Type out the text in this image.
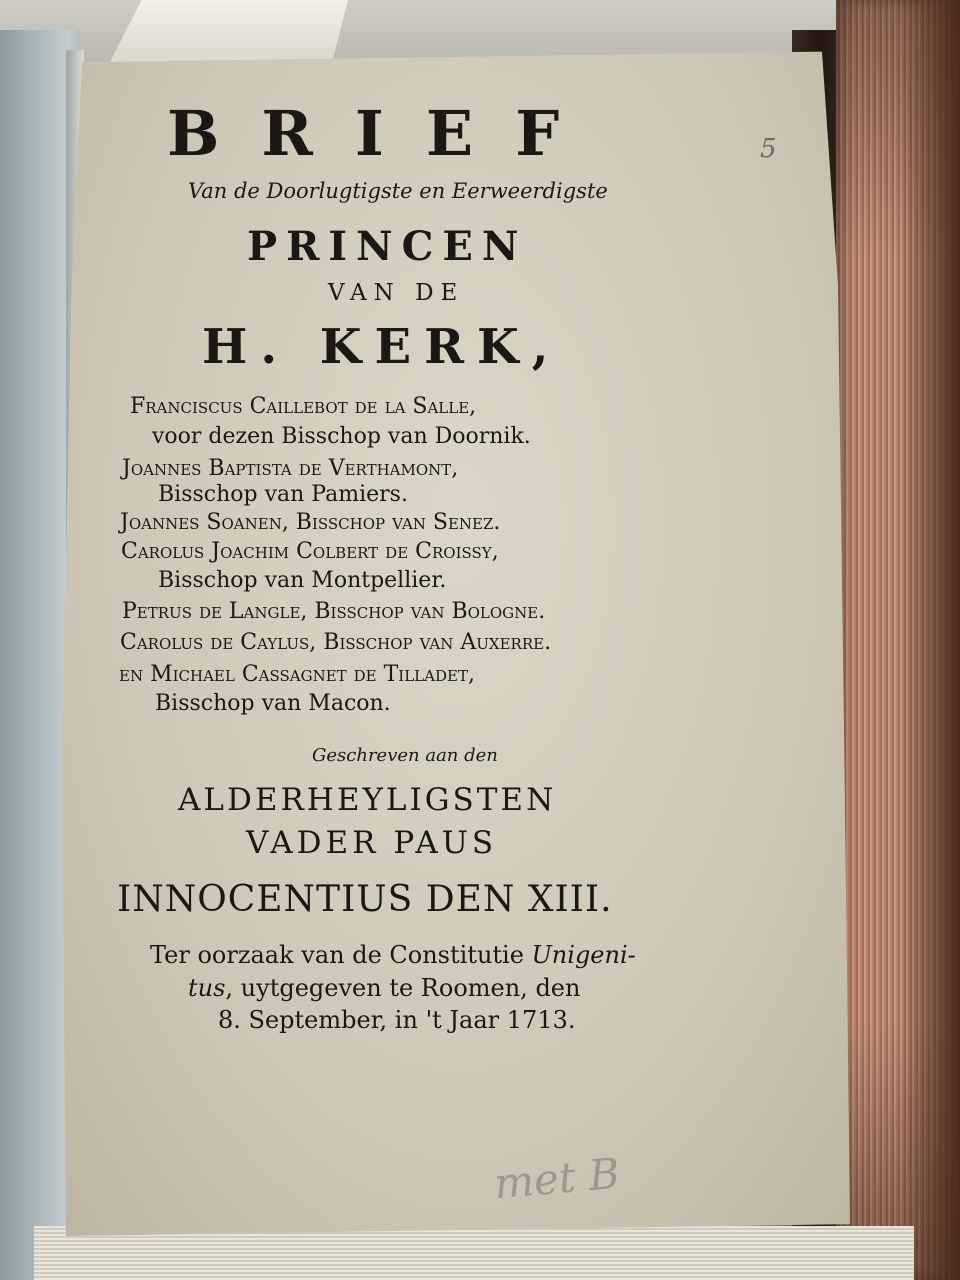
BRIEF

Van de Doorlugtigste en Eerweerdigste

PRINCEN

VAN DE

H. KERK,

Franciscus Caillebot de la Salle,

voor dezen Bisschop van Doornik.

Joannes Baptista de Verthamont,

Bisschop van Pamiers.

Joannes Soanen, Bisschop van Senez.

Carolus Joachim Colbert de Croissy,

Bisschop van Montpellier.

Petrus de Langle, Bisschop van Bologne.

Carolus de Caylus, Bisschop van Auxerre.

en Michael Cassagnet de Tilladet,

Bisschop van Macon.

Geschreven aan den

ALDERHEYLIGSTEN

VADER PAUS

INNOCENTIUS DEN XIII.

Ter oorzaak van de Constitutie Unigeni-

tus, uytgegeven te Roomen, den

8. September, in 't Jaar 1713.

met B

5
